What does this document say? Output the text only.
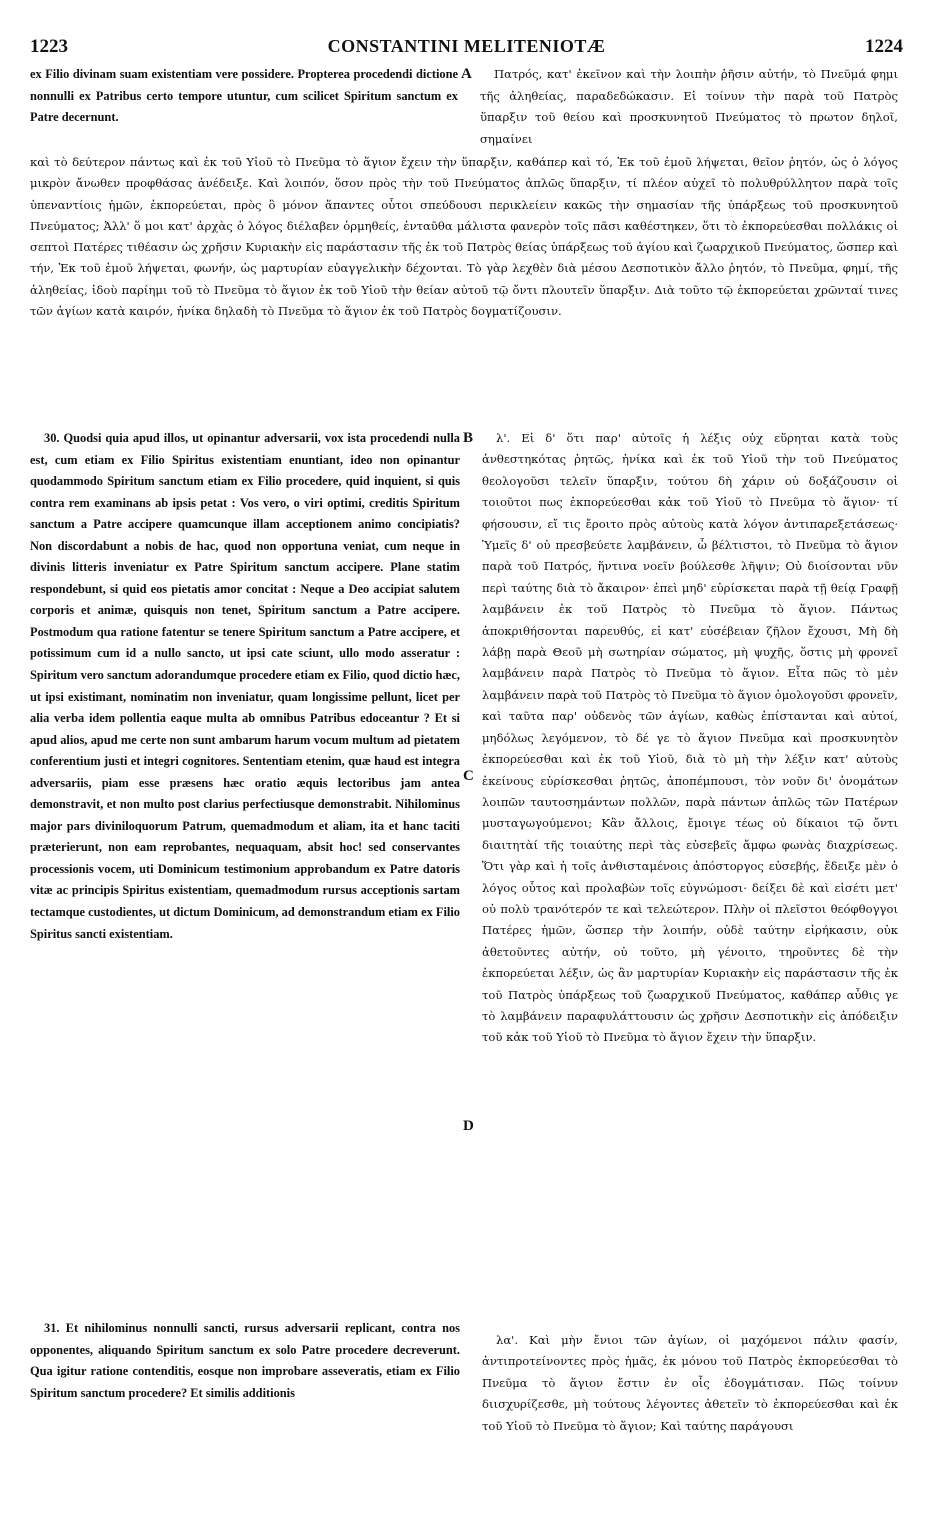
1223	CONSTANTINI MELITENIOTÆ	1224

ex Filio divinam suam existentiam vere possidere. Propterea procedendi dictione nonnulli ex Patribus certo tempore utuntur, cum scilicet Spiritum sanctum ex Patre decernunt.

A	Πατρός, κατ' ἐκεῖνον καὶ τὴν λοιπὴν ῥῆσιν αὐτήν, τὸ Πνεῦμά φημι τῆς ἀληθείας, παραδεδώκασιν. Εἰ τοίνυν τὴν παρὰ τοῦ Πατρὸς ὕπαρξιν τοῦ θείου καὶ προσκυνητοῦ Πνεύματος τὸ πρωτον δηλοῖ, σημαίνει

καὶ τὸ δεύτερον πάντως καὶ ἐκ τοῦ Υἱοῦ τὸ Πνεῦμα τὸ ἅγιον ἔχειν τὴν ὕπαρξιν, καθάπερ καὶ τό, Ἐκ τοῦ ἐμοῦ λήψεται, θεῖον ῥητόν, ὡς ὁ λόγος μικρὸν ἄνωθεν προφθάσας ἀνέδειξε. Καὶ λοιπόν, ὅσον πρὸς τὴν τοῦ Πνεύματος ἁπλῶς ὕπαρξιν, τί πλέον αὐχεῖ τὸ πολυθρύλλητον παρὰ τοῖς ὑπεναντίοις ἡμῶν, ἐκπορεύεται, πρὸς ὃ μόνον ἅπαντες οὗτοι σπεύδουσι περικλείειν κακῶς τὴν σημασίαν τῆς ὑπάρξεως τοῦ προσκυνητοῦ Πνεύματος; Ἀλλ' ὅ μοι κατ' ἀρχὰς ὁ λόγος διέλαβεν ὁρμηθείς, ἐνταῦθα μάλιστα φανερὸν τοῖς πᾶσι καθέστηκεν, ὅτι τὸ ἐκπορεύεσθαι πολλάκις οἱ σεπτοὶ Πατέρες τιθέασιν ὡς χρῆσιν Κυριακὴν εἰς παράστασιν τῆς ἐκ τοῦ Πατρὸς θείας ὑπάρξεως τοῦ ἁγίου καὶ ζωαρχικοῦ Πνεύματος, ὥσπερ καὶ τήν, Ἐκ τοῦ ἐμοῦ λήψεται, φωνήν, ὡς μαρτυρίαν εὐαγγελικὴν δέχονται. Τὸ γὰρ λεχθὲν διὰ μέσου Δεσποτικὸν ἄλλο ῥητόν, τὸ Πνεῦμα, φημί, τῆς ἀληθείας, ἰδοὺ παρίημι τοῦ τὸ Πνεῦμα τὸ ἅγιον ἐκ τοῦ Υἱοῦ τὴν θείαν αὐτοῦ τῷ ὄντι πλουτεῖν ὕπαρξιν. Διὰ τοῦτο τῷ ἐκπορεύεται χρῶνταί τινες τῶν ἁγίων κατὰ καιρόν, ἡνίκα δηλαδὴ τὸ Πνεῦμα τὸ ἅγιον ἐκ τοῦ Πατρὸς δογματίζουσιν.

30. Quodsi quia apud illos, ut opinantur adversarii, vox ista procedendi nulla est, cum etiam ex Filio Spiritus existentiam enuntiant, ideo non opinantur quodammodo Spiritum sanctum etiam ex Filio procedere, quid inquient, si quis contra rem examinans ab ipsis petat : Vos vero, o viri optimi, creditis Spiritum sanctum a Patre accipere quamcunque illam acceptionem animo concipiatis? Non discordabunt a nobis de hac, quod non opportuna veniat, cum neque in divinis litteris inveniatur ex Patre Spiritum sanctum accipere. Plane statim respondebunt, si quid eos pietatis amor concitat : Neque a Deo accipiat salutem corporis et animæ, quisquis non tenet, Spiritum sanctum a Patre accipere. Postmodum qua ratione fatentur se tenere Spiritum sanctum a Patre accipere, et potissimum cum id a nullo sancto, ut ipsi cate sciunt, ullo modo asseratur : Spiritum vero sanctum adorandumque procedere etiam ex Filio, quod dictio hæc, ut ipsi existimant, nominatim non inveniatur, quam longissime pellunt, licet per alia verba idem pollentia eaque multa ab omnibus Patribus edoceantur ? Et si apud alios, apud me certe non sunt ambarum harum vocum multum ad pietatem conferentium justi et integri cognitores. Sententiam etenim, quæ haud est integra adversariis, piam esse præsens hæc oratio æquis lectoribus jam antea demonstravit, et non multo post clarius perfectiusque demonstrabit. Nihilominus major pars diviniloquorum Patrum, quemadmodum et aliam, ita et hanc taciti præterierunt, non eam reprobantes, nequaquam, absit hoc! sed conservantes processionis vocem, uti Dominicum testimonium approbandum ex Patre datoris vitæ ac principis Spiritus existentiam, quemadmodum rursus acceptionis sartam tectamque custodientes, ut dictum Dominicum, ad demonstrandum etiam ex Filio Spiritus sancti existentiam.

31. Et nihilominus nonnulli sancti, rursus adversarii replicant, contra nos opponentes, aliquando Spiritum sanctum ex solo Patre procedere decreverunt. Qua igitur ratione contenditis, eosque non improbare asseveratis, etiam ex Filio Spiritum sanctum procedere? Et similis additionis

B
C
D

λ'. Εἰ δ' ὅτι παρ' αὐτοῖς ἡ λέξις οὐχ εὕρηται κατὰ τοὺς ἀνθεστηκότας ῥητῶς, ἡνίκα καὶ ἐκ τοῦ Υἱοῦ τὴν τοῦ Πνεύματος θεολογοῦσι τελεῖν ὕπαρξιν, τούτου δὴ χάριν οὐ δοξάζουσιν οἱ τοιοῦτοι πως ἐκπορεύεσθαι κἀκ τοῦ Υἱοῦ τὸ Πνεῦμα τὸ ἅγιον· τί φήσουσιν, εἴ τις ἔροιτο πρὸς αὐτοὺς κατὰ λόγον ἀντιπαρεξετάσεως· Ὑμεῖς δ' οὐ πρεσβεύετε λαμβάνειν, ὦ βέλτιστοι, τὸ Πνεῦμα τὸ ἅγιον παρὰ τοῦ Πατρός, ἥντινα νοεῖν βούλεσθε λῆψιν; Οὐ διοίσονται νῦν περὶ ταύτης διὰ τὸ ἄκαιρον· ἐπεὶ μηδ' εὑρίσκεται παρὰ τῇ θείᾳ Γραφῇ λαμβάνειν ἐκ τοῦ Πατρὸς τὸ Πνεῦμα τὸ ἅγιον. Πάντως ἀποκριθήσονται παρευθύς, εἰ κατ' εὐσέβειαν ζῆλον ἔχουσι, Μὴ δὴ λάβῃ παρὰ Θεοῦ μὴ σωτηρίαν σώματος, μὴ ψυχῆς, ὅστις μὴ φρονεῖ λαμβάνειν παρὰ Πατρὸς τὸ Πνεῦμα τὸ ἅγιον. Εἶτα πῶς τὸ μὲν λαμβάνειν παρὰ τοῦ Πατρὸς τὸ Πνεῦμα τὸ ἅγιον ὁμολογοῦσι φρονεῖν, καὶ ταῦτα παρ' οὐδενὸς τῶν ἁγίων, καθὼς ἐπίστανται καὶ αὐτοί, μηδόλως λεγόμενον, τὸ δέ γε τὸ ἅγιον Πνεῦμα καὶ προσκυνητὸν ἐκπορεύεσθαι καὶ ἐκ τοῦ Υἱοῦ, διὰ τὸ μὴ τὴν λέξιν κατ' αὐτοὺς ἐκείνους εὑρίσκεσθαι ῥητῶς, ἀποπέμπουσι, τὸν νοῦν δι' ὀνομάτων λοιπῶν ταυτοσημάντων πολλῶν, παρὰ πάντων ἁπλῶς τῶν Πατέρων μυσταγωγούμενοι; Κἂν ἄλλοις, ἔμοιγε τέως οὐ δίκαιοι τῷ ὄντι διαιτητὰί τῆς τοιαύτης περὶ τὰς εὐσεβεῖς ἄμφω φωνὰς διαχρίσεως. Ὅτι γὰρ καὶ ἡ τοῖς ἀνθισταμένοις ἀπόστοργος εὐσεβής, ἔδειξε μὲν ὁ λόγος οὗτος καὶ προλαβὼν τοῖς εὐγνώμοσι· δείξει δὲ καὶ εἰσέτι μετ' οὐ πολὺ τρανότερόν τε καὶ τελεώτερον. Πλὴν οἱ πλεῖστοι θεόφθογγοι Πατέρες ἡμῶν, ὥσπερ τὴν λοιπήν, οὐδὲ ταύτην εἰρήκασιν, οὐκ ἀθετοῦντες αὐτήν, οὐ τοῦτο, μὴ γένοιτο, τηροῦντες δὲ τὴν ἐκπορεύεται λέξιν, ὡς ἂν μαρτυρίαν Κυριακὴν εἰς παράστασιν τῆς ἐκ τοῦ Πατρὸς ὑπάρξεως τοῦ ζωαρχικοῦ Πνεύματος, καθάπερ αὖθις γε τὸ λαμβάνειν παραφυλάττουσιν ὡς χρῆσιν Δεσποτικὴν εἰς ἀπόδειξιν τοῦ κἀκ τοῦ Υἱοῦ τὸ Πνεῦμα τὸ ἅγιον ἔχειν τὴν ὕπαρξιν.

λα'. Καὶ μὴν ἔνιοι τῶν ἁγίων, οἱ μαχόμενοι πάλιν φασίν, ἀντιπροτείνοντες πρὸς ἡμᾶς, ἐκ μόνου τοῦ Πατρὸς ἐκπορεύεσθαι τὸ Πνεῦμα τὸ ἅγιον ἔστιν ἐν οἷς ἐδογμάτισαν. Πῶς τοίνυν διισχυρίζεσθε, μὴ τούτους λέγοντες ἀθετεῖν τὸ ἐκπορεύεσθαι καὶ ἐκ τοῦ Υἱοῦ τὸ Πνεῦμα τὸ ἅγιον; Καὶ ταύτης παράγουσι
